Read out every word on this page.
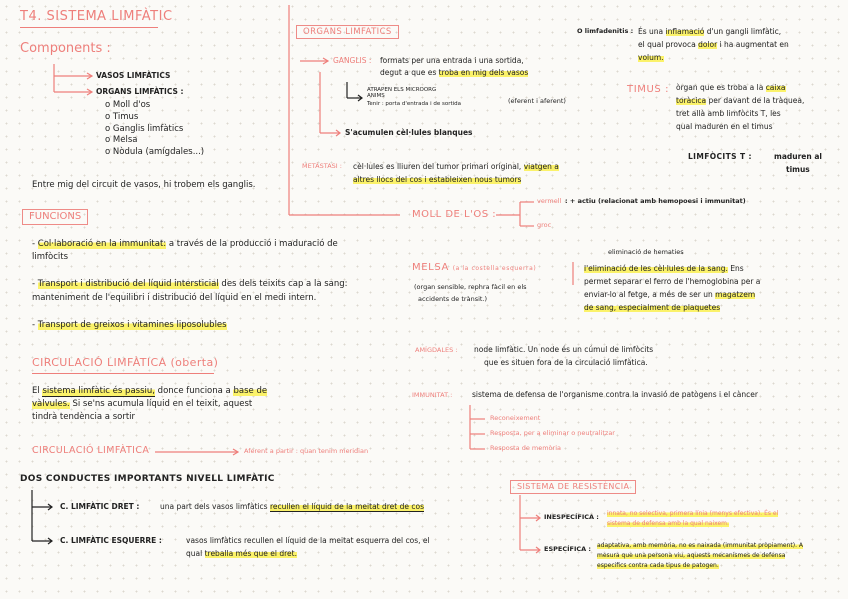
T4. SISTEMA LIMFÀTIC
Components :
VASOS LIMFÀTICS
ORGANS LIMFÀTICS :
o Moll d'os
o Timus
o Ganglis limfàtics
o Melsa
o Nòdula (amígdales...)
Entre mig del circuit de vasos, hi trobem els ganglis.
FUNCIONS
- Col·laboració en la immunitat: a través de la producció i maduració de
limfòcits
- Transport i distribució del líquid intersticial des dels teixits cap a la sang:
manteniment de l'equilibri i distribució del líquid en el medi intern.
- Transport de greixos i vitamines liposolubles
CIRCULACIÓ LIMFÀTICA (oberta)
El sistema limfàtic és passiu, donce funciona a base de
vàlvules. Si se'ns acumula líquid en el teixit, aquest
tindrà tendència a sortir
CIRCULACIÓ LIMFÀTICA	Aferent a partir : quan tenim meridian
DOS CONDUCTES IMPORTANTS NIVELL LIMFÀTIC
C. LIMFÀTIC DRET :	una part dels vasos limfàtics recullen el líquid de la meitat dret de cos
C. LIMFÀTIC ESQUERRE :	vasos limfàtics recullen el líquid de la meitat esquerra del cos, el
qual treballa més que el dret.
ORGANS LIMFATICS
GANGLIS : formats per una entrada i una sortida,
degut a que es troba en mig dels vasos
ATRAPEN ELS MICROORG
ANIMS
Tenir : porta d'entrada i de sortida	(eferent i aferent)
S'acumulen cèl·lules blanques
METÀSTASI : cèl·lules es lliuren del tumor primari original, viatgen a
altres llocs del cos i estableixen nous tumors
MOLL DE L'OS :
vermell : + actiu (relacionat amb hemopoesi i immunitat)
groc
MELSA (a la costella esquerra)
eliminació de hematies
(organ sensible, rephra fàcil en els
accidents de trànsit.)
l'eliminació de les cèl·lules de la sang. Ens
permet separar el ferro de l'hemoglobina per a
enviar-lo al fetge, a més de ser un magatzem
de sang, especialment de plaquetes
AMÍGDALES : node limfàtic. Un node és un cúmul de limfòcits
que es situen fora de la circulació limfàtica.
IMMUNITAT :	sistema de defensa de l'organisme contra la invasió de patògens i el càncer
Reconeixement
Resposta, per a eliminar o neutralitzar
Resposta de memòria
O limfadenitis : És una inflamació d'un gangli limfàtic,
el qual provoca dolor i ha augmentat en
volum.
TIMUS : òrgan que es troba a la caixa
toràcica per davant de la tràquea,
tret allà amb limfòcits T, les
qual maduren en el timus
LIMFÒCITS T :	maduren al
timus
SISTEMA DE RESISTÈNCIA
INESPECÍFICA : innata, no selectiva, primera línia (menys efectiva). És el
sistema de defensa amb la qual naixem.
ESPECÍFICA : adaptativa, amb memòria, no es naixada (immunitat pròpiament). A
mesura que una persona viu, aquests mecanismes de defensa
especifics contra cada tipus de patogen.
